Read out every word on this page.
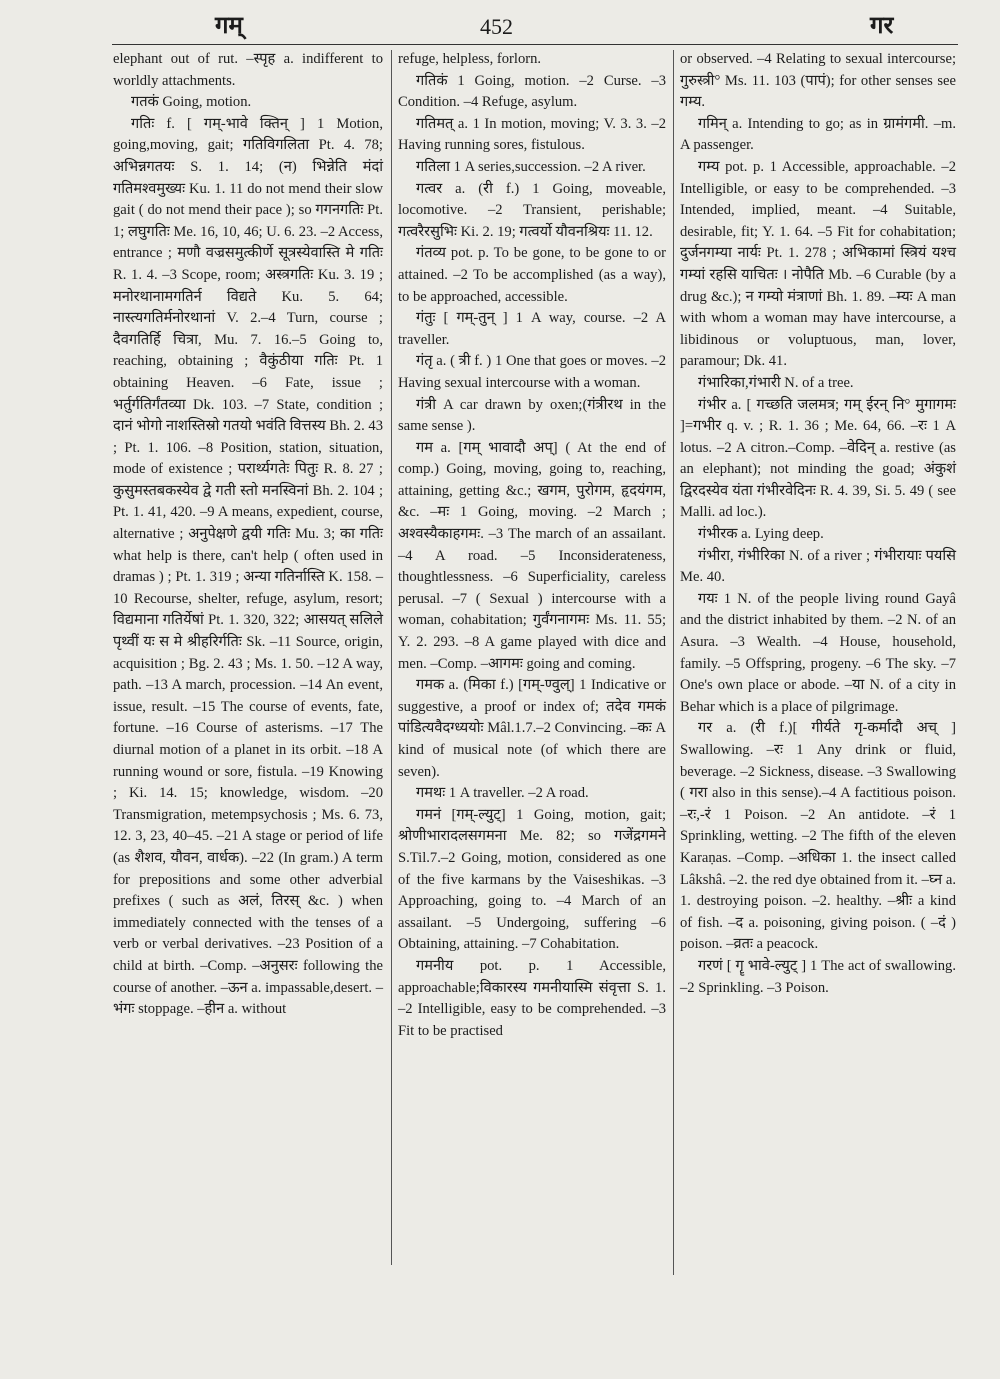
गम्	452	गर

elephant out of rut. –स्पृह a. indifferent to worldly attachments.

गतकं Going, motion.

गतिः f. [ गम्-भावे क्तिन् ] 1 Motion, going,moving, gait; गतिविगलिता Pt. 4. 78; अभिन्नगतयः S. 1. 14; (न) भिन्नेति मंदां गतिमश्वमुख्यः Ku. 1. 11 do not mend their slow gait ( do not mend their pace ); so गगनगतिः Pt. 1; लघुगतिः Me. 16, 10, 46; U. 6. 23. –2 Access, entrance ; मणौ वज्रसमुत्कीर्णे सूत्रस्येवास्ति मे गतिः R. 1. 4. –3 Scope, room; अस्त्रगतिः Ku. 3. 19 ; मनोरथानामगतिर्न विद्यते Ku. 5. 64; नास्त्यगतिर्मनोरथानां V. 2.–4 Turn, course ; दैवगतिर्हि चित्रा, Mu. 7. 16.–5 Going to, reaching, obtaining ; वैकुंठीया गतिः Pt. 1 obtaining Heaven. –6 Fate, issue ; भर्तुर्गतिर्गंतव्या Dk. 103. –7 State, condition ; दानं भोगो नाशस्तिस्रो गतयो भवंति वित्तस्य Bh. 2. 43 ; Pt. 1. 106. –8 Position, station, situation, mode of existence ; परार्थ्यगतेः पितुः R. 8. 27 ; कुसुमस्तबकस्येव द्वे गती स्तो मनस्विनां Bh. 2. 104 ; Pt. 1. 41, 420. –9 A means, expedient, course, alternative ; अनुपेक्षणे द्वयी गतिः Mu. 3; का गतिः what help is there, can't help ( often used in dramas ) ; Pt. 1. 319 ; अन्या गतिर्नास्ति K. 158. –10 Recourse, shelter, refuge, asylum, resort; विद्यमाना गतिर्येषां Pt. 1. 320, 322; आसयत् सलिले पृथ्वीं यः स मे श्रीहरिर्गतिः Sk. –11 Source, origin, acquisition ; Bg. 2. 43 ; Ms. 1. 50. –12 A way, path. –13 A march, procession. –14 An event, issue, result. –15 The course of events, fate, fortune. –16 Course of asterisms. –17 The diurnal motion of a planet in its orbit. –18 A running wound or sore, fistula. –19 Knowing ; Ki. 14. 15; knowledge, wisdom. –20 Transmigration, metempsychosis ; Ms. 6. 73, 12. 3, 23, 40–45. –21 A stage or period of life (as शैशव, यौवन, वार्धक). –22 (In gram.) A term for prepositions and some other adverbial prefixes ( such as अलं, तिरस् &c. ) when immediately connected with the tenses of a verb or verbal derivatives. –23 Position of a child at birth. –Comp. –अनुसरः following the course of another. –ऊन a. impassable,desert. –भंगः stoppage. –हीन a. without

refuge, helpless, forlorn.

गतिकं 1 Going, motion. –2 Curse. –3 Condition. –4 Refuge, asylum.

गतिमत् a. 1 In motion, moving; V. 3. 3. –2 Having running sores, fistulous.

गतिला 1 A series,succession. –2 A river.

गत्वर a. (री f.) 1 Going, moveable, locomotive. –2 Transient, perishable; गत्वरैरसुभिः Ki. 2. 19; गत्वर्यो यौवनश्रियः 11. 12.

गंतव्य pot. p. To be gone, to be gone to or attained. –2 To be accomplished (as a way), to be approached, accessible.

गंतुः [ गम्-तुन् ] 1 A way, course. –2 A traveller.

गंतृ a. ( त्री f. ) 1 One that goes or moves. –2 Having sexual intercourse with a woman.

गंत्री A car drawn by oxen;(गंत्रीरथ in the same sense ).

गम a. [गम् भावादौ अप्] ( At the end of comp.) Going, moving, going to, reaching, attaining, getting &c.; खगम, पुरोगम, हृदयंगम, &c. –मः 1 Going, moving. –2 March ; अश्वस्यैकाहगमः. –3 The march of an assailant. –4 A road. –5 Inconsiderateness, thoughtlessness. –6 Superficiality, careless perusal. –7 ( Sexual ) intercourse with a woman, cohabitation; गुर्वंगनागमः Ms. 11. 55; Y. 2. 293. –8 A game played with dice and men. –Comp. –आगमः going and coming.

गमक a. (मिका f.) [गम्-ण्वुल्] 1 Indicative or suggestive, a proof or index of; तदेव गमकं पांडित्यवैदग्ध्ययोः Mâl.1.7.–2 Convincing. –कः A kind of musical note (of which there are seven).

गमथः 1 A traveller. –2 A road.

गमनं [गम्-ल्युट्] 1 Going, motion, gait; श्रोणीभारादलसगमना Me. 82; so गजेंद्रगमने S.Til.7.–2 Going, motion, considered as one of the five karmans by the Vaiseshikas. –3 Approaching, going to. –4 March of an assailant. –5 Undergoing, suffering –6 Obtaining, attaining. –7 Cohabitation.

गमनीय pot. p. 1 Accessible, approachable;विकारस्य गमनीयास्मि संवृत्ता S. 1. –2 Intelligible, easy to be comprehended. –3 Fit to be practised

or observed. –4 Relating to sexual intercourse; गुरुस्त्री° Ms. 11. 103 (पापं); for other senses see गम्य.

गमिन् a. Intending to go; as in ग्रामंगमी. –m. A passenger.

गम्य pot. p. 1 Accessible, approachable. –2 Intelligible, or easy to be comprehended. –3 Intended, implied, meant. –4 Suitable, desirable, fit; Y. 1. 64. –5 Fit for cohabitation; दुर्जनगम्या नार्यः Pt. 1. 278 ; अभिकामां स्त्रियं यश्च गम्यां रहसि याचितः । नोपैति Mb. –6 Curable (by a drug &c.); न गम्यो मंत्राणां Bh. 1. 89. –म्यः A man with whom a woman may have intercourse, a libidinous or voluptuous, man, lover, paramour; Dk. 41.

गंभारिका,गंभारी N. of a tree.

गंभीर a. [ गच्छति जलमत्र; गम् ईरन् नि° मुगागमः ]=गभीर q. v. ; R. 1. 36 ; Me. 64, 66. –रः 1 A lotus. –2 A citron.–Comp. –वेदिन् a. restive (as an elephant); not minding the goad; अंकुशं द्विरदस्येव यंता गंभीरवेदिनः R. 4. 39, Si. 5. 49 ( see Malli. ad loc.).

गंभीरक a. Lying deep.

गंभीरा, गंभीरिका N. of a river ; गंभीरायाः पयसि Me. 40.

गयः 1 N. of the people living round Gayâ and the district inhabited by them. –2 N. of an Asura. –3 Wealth. –4 House, household, family. –5 Offspring, progeny. –6 The sky. –7 One's own place or abode. –या N. of a city in Behar which is a place of pilgrimage.

गर a. (री f.)[ गीर्यते गृ-कर्मादौ अच् ] Swallowing. –रः 1 Any drink or fluid, beverage. –2 Sickness, disease. –3 Swallowing ( गरा also in this sense).–4 A factitious poison. –रः,-रं 1 Poison. –2 An antidote. –रं 1 Sprinkling, wetting. –2 The fifth of the eleven Karaṇas. –Comp. –अधिका 1. the insect called Lâkshâ. –2. the red dye obtained from it. –घ्न a. 1. destroying poison. –2. healthy. –श्रीः a kind of fish. –द a. poisoning, giving poison. ( –दं ) poison. –व्रतः a peacock.

गरणं [ गॄ भावे-ल्युट् ] 1 The act of swallowing. –2 Sprinkling. –3 Poison.
